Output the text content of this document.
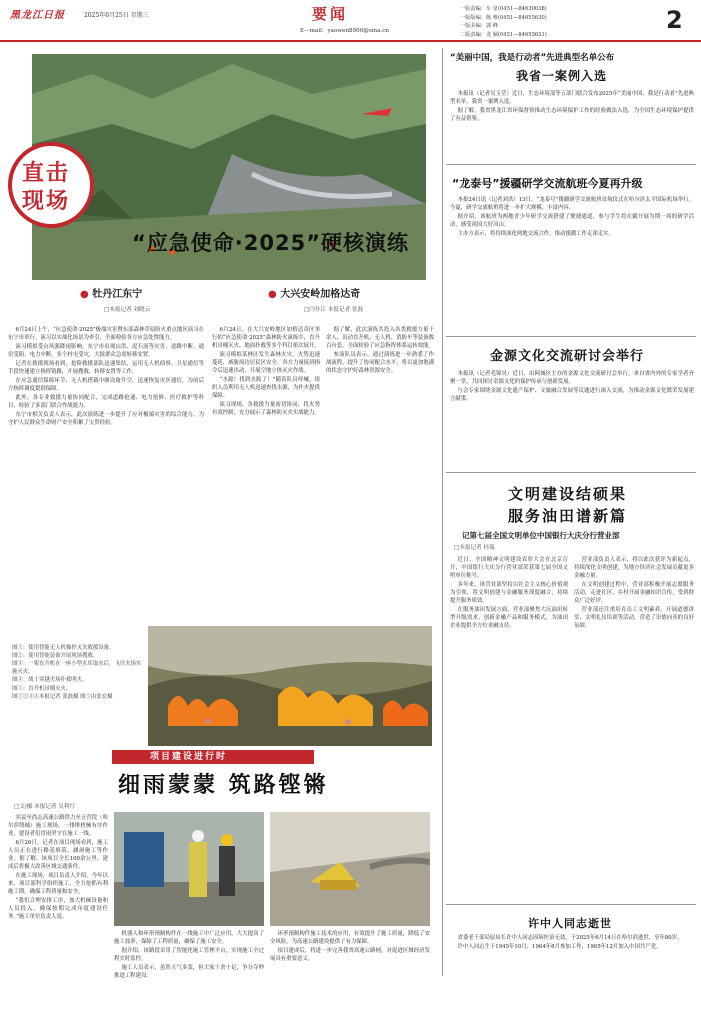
黑龙江日报	2025年6月25日 星期三	要闻
E—mail：yaowen8900@sina.cn
一版责编：车 星(0451—84630038)
一版版编：陈 唯(0451—84655630)
一版美编：郭 峰
二版责编：龙 颖(0451—84655631)
2
直击
现场
“应急使命·2025”硬核演练
● 牡丹江东宁	● 大兴安岭加格达奇
□本报记者 刘晓云	□闫仆江 本报记者 张磊

6月24日上午，“应急使命·2025”极端灾害暨东部森林草原防火重点地区演习在东宁市举行。演习以实战化场景为牵引，全面检验各方应急处置能力。

演习模拟受台风强降雨影响，东宁市出现山洪、泥石流等灾害，道路中断、通信受阻、电力中断，多个村屯受灾，大批群众急需转移安置。

记者在救援现场看到，抢险救援部队迅速集结，运用无人机侦察、卫星通信等手段快速建立指挥链路，开展搜救、转移安置等工作。

在应急通信保障环节，无人机搭载中继设备升空，迅速恢复灾区通信，为前后方指挥调度提供保障。

此外，各专业救援力量协同配合，完成道路抢通、电力抢修、医疗救护等科目，检验了多部门联合作战能力。

东宁市相关负责人表示，此次演练进一步提升了应对极端灾害的综合能力，为守护人民群众生命财产安全积累了宝贵经验。

6月24日，在大兴安岭地区加格达奇区举行的“应急使命·2025”森林防火演练中，直升机吊桶灭火、地面扑救等多个科目依次展开。

演习模拟某林区发生森林火灾，火势迅速蔓延，威胁周边居民区安全。各方力量接到指令后迅速出动，开展空地立体灭火作战。

“水源！找到水源了！”随着队员呼喊，组织人员利用无人机迅速查找水源，为扑火提供保障。

演习现场，各救援力量密切协同，将火势有效控制，充分展示了森林防灭火实战能力。

据了解，此次演练共投入各类救援力量千余人，出动直升机、无人机、消防车等装备数百台套，全面检验了应急指挥体系运转效能。

参演队员表示，通过演练进一步熟悉了作战流程，提升了协同配合水平，将以更加饱满的状态守护好森林资源安全。

图①：使用智能无人机操控灭火救援设备。
图②：使用智能装备开展现场搜救。
图③：一架直升机在一座小型水库取水后，飞往火场实施灭火。
图④：战士穿越火场扑救明火。
图⑤：直升机吊桶灭火。
图①②③④本报记者 张磊摄 图⑤由张宏摄
项目建设进行时
细雨蒙蒙 筑路铿锵
□文/摄 本报记者 吴利红

宾县至尚志高速公路铁力至五营段（哈尔滨绕城）施工现场，一排排机械有序作业，建设者们冒雨坚守在施工一线。

6月26日，记者在项目现场看到，施工人员正在进行路基填筑、涵洞施工等作业。据了解，该项目全长100余公里，建成后将极大改善区域交通条件。

在施工现场，项目负责人介绍，今年以来，项目部科学组织施工，全力抢抓有利施工期，确保工程质量和安全。

“我们合理安排工序，加大机械设备和人员投入，确保按期完成年度建设任务。”施工单位负责人说。

机器人和环形预制构件在一线施工中广泛应用，大大提高了施工效率，保障了工程质量，确保了施工安全。

据介绍，该路段采用了智能化施工管理平台，实现施工全过程实时监控。

施工人员表示，虽然天气多变，但大家干劲十足，争分夺秒推进工程建设。

环形预制构件施工技术的应用，有效提升了施工质量，降低了安全风险，为高速公路建设提供了有力保障。

项目建成后，将进一步完善我省高速公路网，对促进区域经济发展具有重要意义。

“美丽中国，我是行动者”先进典型名单公布
我省一案例入选

本报讯（记者吴玉莹）近日，生态环境部等五部门联合发布2025年“美丽中国，我是行动者”先进典型名单，我省一案例入选。

据了解，我省黑龙江省环保督察推动生态环境保护工作的经验做法入选，为全国生态环境保护提供了有益借鉴。

“龙泰号”援疆研学交流航班今夏再升级

本报24日讯（记者刘洪）13日，“龙泰号”援疆研学交流航班首航仪式在哈尔滨太平国际机场举行。今夏，研学交流航班将进一步扩大规模、丰富内容。

据介绍，该航班为两地青少年研学交流搭建了便捷通道，参与学生将在疆开展为期一周的研学活动，感受祖国大好河山。

主办方表示，将持续深化两地交流合作，推动援疆工作走深走实。

金源文化交流研讨会举行

本报讯（记者毛锦昊）近日，由阿城区主办的金源文化交流研讨会举行。来自省内外的专家学者齐聚一堂，共同探讨金源文化的保护传承与创新发展。

与会专家围绕金源文化遗产保护、文旅融合发展等议题进行深入交流，为推动金源文化繁荣发展建言献策。

文明建设结硕果
服务油田谱新篇
记第七届全国文明单位中国银行大庆分行营业部
□本报记者 桂瑞

近日，全国精神文明建设表彰大会在北京召开，中国银行大庆分行营业部荣获第七届全国文明单位称号。

多年来，该营业部坚持以社会主义核心价值观为引领，将文明创建与金融服务深度融合，持续提升服务质效。

在服务油田发展方面，营业部聚焦大庆油田转型升级需求，创新金融产品和服务模式，为油田企业提供全方位金融支持。

营业部负责人表示，将以此次获评为新起点，持续深化文明创建，为地方经济社会发展贡献更多金融力量。

在文明创建过程中，营业部积极开展志愿服务活动，走进社区、乡村开展金融知识宣传，受到群众广泛好评。

营业部还注重培育员工文明素养，开展道德讲堂、文明礼仪培训等活动，营造了崇德向善的良好氛围。

许中人同志逝世

省委老干部局原局长许中人同志因病医治无效，于2025年6月14日在哈尔滨逝世，享年80岁。

许中人同志生于1945年10月，1964年8月参加工作，1965年12月加入中国共产党。
